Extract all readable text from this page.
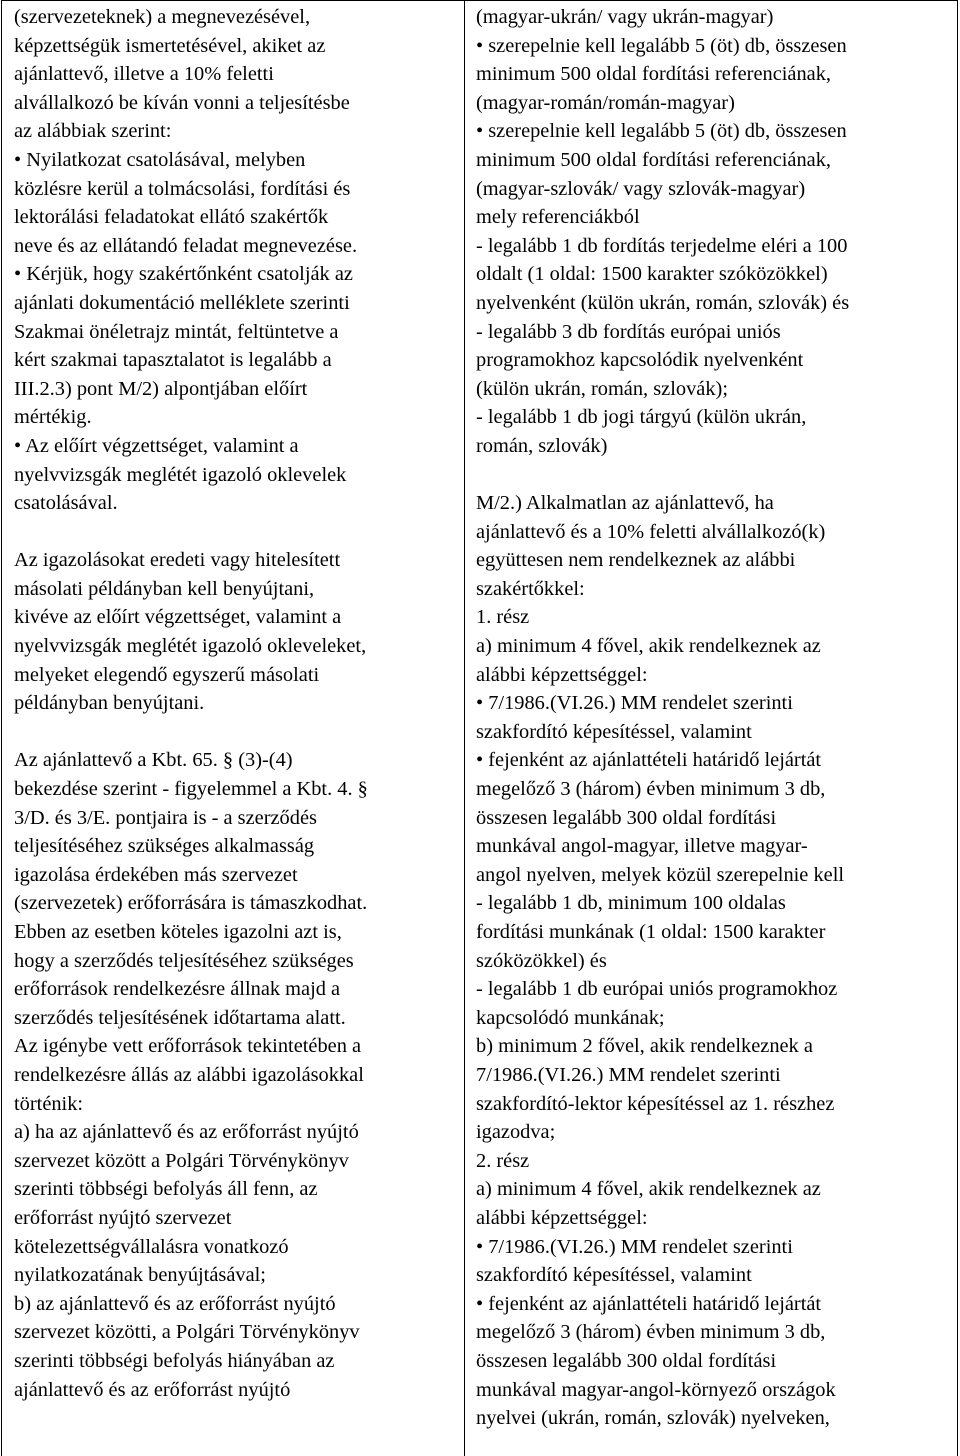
(szervezeteknek) a megnevezésével,
képzettségük ismertetésével, akiket az
ajánlattevő, illetve a 10% feletti
alvállalkozó be kíván vonni a teljesítésbe
az alábbiak szerint:
• Nyilatkozat csatolásával, melyben
közlésre kerül a tolmácsolási, fordítási és
lektorálási feladatokat ellátó szakértők
neve és az ellátandó feladat megnevezése.
• Kérjük, hogy szakértőnként csatolják az
ajánlati dokumentáció melléklete szerinti
Szakmai önéletrajz mintát, feltüntetve a
kért szakmai tapasztalatot is legalább a
III.2.3) pont M/2) alpontjában előírt
mértékig.
• Az előírt végzettséget, valamint a
nyelvvizsgák meglétét igazoló oklevelek
csatolásával.
Az igazolásokat eredeti vagy hitelesített
másolati példányban kell benyújtani,
kivéve az előírt végzettséget, valamint a
nyelvvizsgák meglétét igazoló okleveleket,
melyeket elegendő egyszerű másolati
példányban benyújtani.
Az ajánlattevő a Kbt. 65. § (3)-(4)
bekezdése szerint - figyelemmel a Kbt. 4. §
3/D. és 3/E. pontjaira is - a szerződés
teljesítéséhez szükséges alkalmasság
igazolása érdekében más szervezet
(szervezetek) erőforrására is támaszkodhat.
Ebben az esetben köteles igazolni azt is,
hogy a szerződés teljesítéséhez szükséges
erőforrások rendelkezésre állnak majd a
szerződés teljesítésének időtartama alatt.
Az igénybe vett erőforrások tekintetében a
rendelkezésre állás az alábbi igazolásokkal
történik:
a) ha az ajánlattevő és az erőforrást nyújtó
szervezet között a Polgári Törvénykönyv
szerinti többségi befolyás áll fenn, az
erőforrást nyújtó szervezet
kötelezettségvállalásra vonatkozó
nyilatkozatának benyújtásával;
b) az ajánlattevő és az erőforrást nyújtó
szervezet közötti, a Polgári Törvénykönyv
szerinti többségi befolyás hiányában az
ajánlattevő és az erőforrást nyújtó

(magyar-ukrán/ vagy ukrán-magyar)
• szerepelnie kell legalább 5 (öt) db, összesen
minimum 500 oldal fordítási referenciának,
(magyar-román/román-magyar)
• szerepelnie kell legalább 5 (öt) db, összesen
minimum 500 oldal fordítási referenciának,
(magyar-szlovák/ vagy szlovák-magyar)
mely referenciákból
- legalább 1 db fordítás terjedelme eléri a 100
oldalt (1 oldal: 1500 karakter szóközökkel)
nyelvenként (külön ukrán, román, szlovák) és
- legalább 3 db fordítás európai uniós
programokhoz kapcsolódik nyelvenként
(külön ukrán, román, szlovák);
- legalább 1 db jogi tárgyú (külön ukrán,
román, szlovák)
M/2.) Alkalmatlan az ajánlattevő, ha
ajánlattevő és a 10% feletti alvállalkozó(k)
együttesen nem rendelkeznek az alábbi
szakértőkkel:
1. rész
a) minimum 4 fővel, akik rendelkeznek az
alábbi képzettséggel:
• 7/1986.(VI.26.) MM rendelet szerinti
szakfordító képesítéssel, valamint
• fejenként az ajánlattételi határidő lejártát
megelőző 3 (három) évben minimum 3 db,
összesen legalább 300 oldal fordítási
munkával angol-magyar, illetve magyar-
angol nyelven, melyek közül szerepelnie kell
- legalább 1 db, minimum 100 oldalas
fordítási munkának (1 oldal: 1500 karakter
szóközökkel) és
- legalább 1 db európai uniós programokhoz
kapcsolódó munkának;
b) minimum 2 fővel, akik rendelkeznek a
7/1986.(VI.26.) MM rendelet szerinti
szakfordító-lektor képesítéssel az 1. részhez
igazodva;
2. rész
a) minimum 4 fővel, akik rendelkeznek az
alábbi képzettséggel:
• 7/1986.(VI.26.) MM rendelet szerinti
szakfordító képesítéssel, valamint
• fejenként az ajánlattételi határidő lejártát
megelőző 3 (három) évben minimum 3 db,
összesen legalább 300 oldal fordítási
munkával magyar-angol-környező országok
nyelvei (ukrán, román, szlovák) nyelveken,
